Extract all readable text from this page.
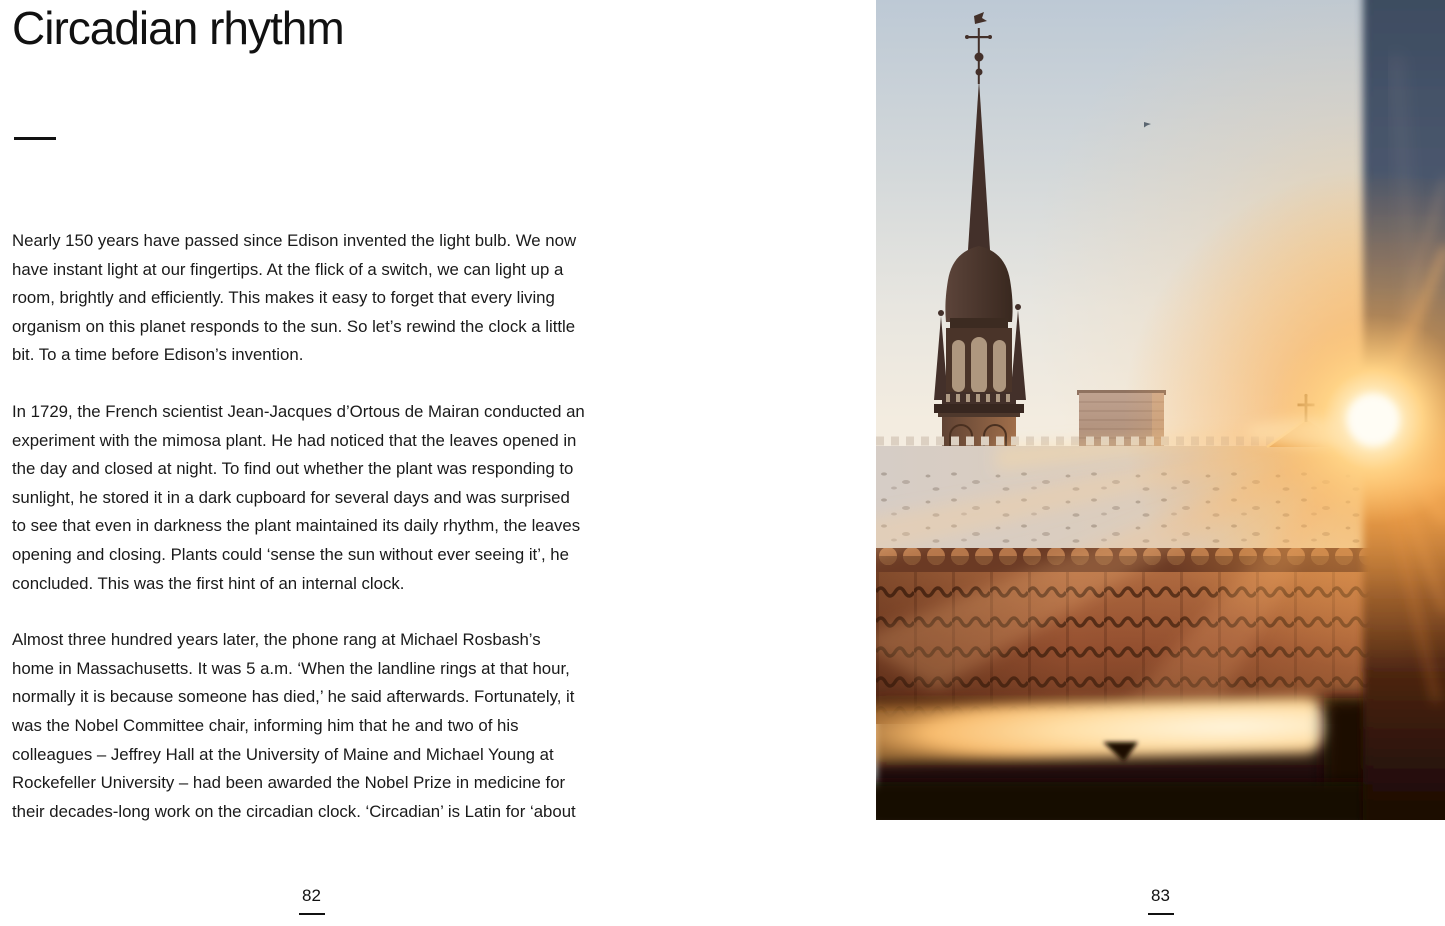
Circadian rhythm

Nearly 150 years have passed since Edison invented the light bulb. We now have instant light at our fingertips. At the flick of a switch, we can light up a room, brightly and efficiently. This makes it easy to forget that every living organism on this planet responds to the sun. So let’s rewind the clock a little bit. To a time before Edison’s invention.

In 1729, the French scientist Jean-Jacques d’Ortous de Mairan conducted an experiment with the mimosa plant. He had noticed that the leaves opened in the day and closed at night. To find out whether the plant was responding to sunlight, he stored it in a dark cupboard for several days and was surprised to see that even in darkness the plant maintained its daily rhythm, the leaves opening and closing. Plants could ‘sense the sun without ever seeing it’, he concluded. This was the first hint of an internal clock.

Almost three hundred years later, the phone rang at Michael Rosbash’s home in Massachusetts. It was 5 a.m. ‘When the landline rings at that hour, normally it is because someone has died,’ he said afterwards. Fortunately, it was the Nobel Committee chair, informing him that he and two of his colleagues – Jeffrey Hall at the University of Maine and Michael Young at Rockefeller University – had been awarded the Nobel Prize in medicine for their decades-long work on the circadian clock. ‘Circadian’ is Latin for ‘about

82	83
